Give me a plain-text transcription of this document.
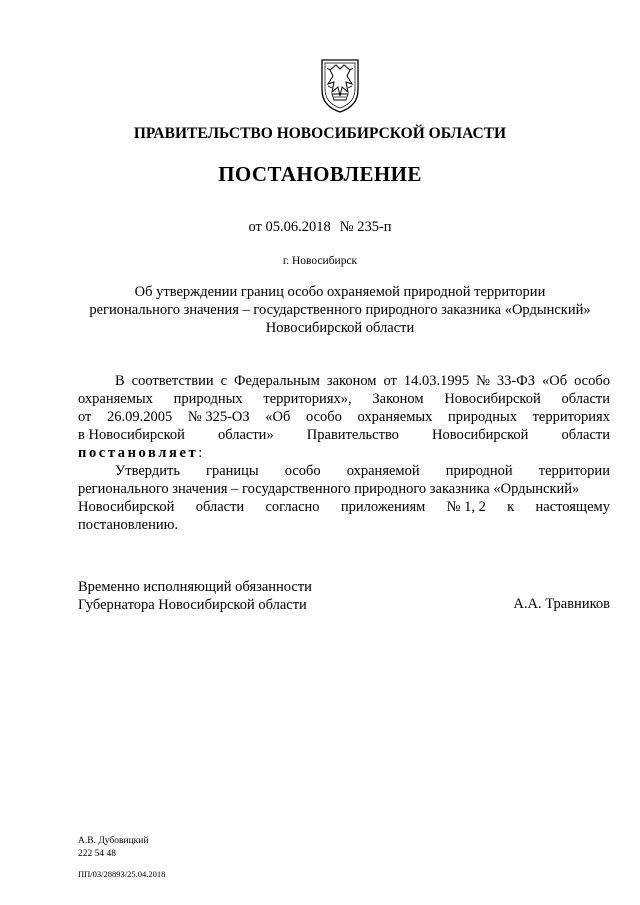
ПРАВИТЕЛЬСТВО НОВОСИБИРСКОЙ ОБЛАСТИ
ПОСТАНОВЛЕНИЕ
от 05.06.2018 № 235-п
г. Новосибирск
Об утверждении границ особо охраняемой природной территории
регионального значения – государственного природного заказника «Ордынский»
Новосибирской области
В соответствии с Федеральным законом от 14.03.1995 № 33-ФЗ «Об особо
охраняемых природных территориях», Законом Новосибирской области
от 26.09.2005 № 325-ОЗ «Об особо охраняемых природных территориях
в Новосибирской области» Правительство Новосибирской области
постановляет:
Утвердить границы особо охраняемой природной территории
регионального значения – государственного природного заказника «Ордынский»
Новосибирской области согласно приложениям № 1, 2 к настоящему
постановлению.
Временно исполняющий обязанности
Губернатора Новосибирской области	А.А. Травников
А.В. Дубовицкий
222 54 48
ПП/03/28893/25.04.2018
